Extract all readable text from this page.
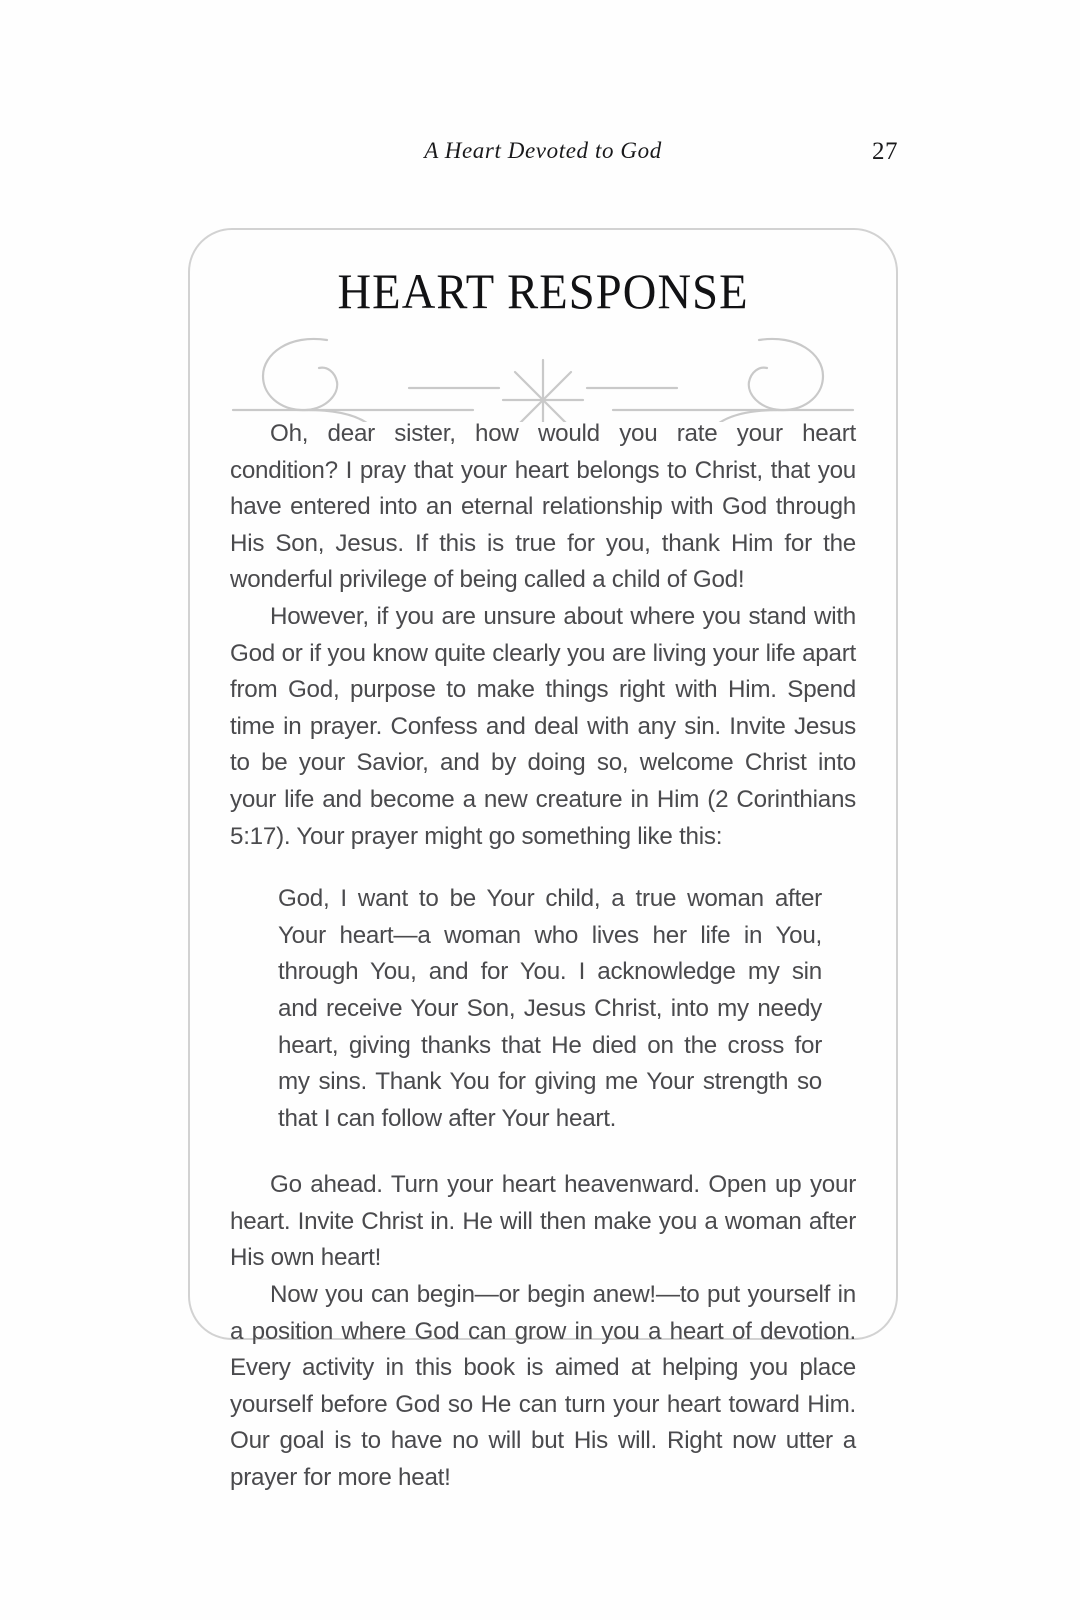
A Heart Devoted to God	27
HEART RESPONSE

Oh, dear sister, how would you rate your heart condition? I pray that your heart belongs to Christ, that you have entered into an eternal relationship with God through His Son, Jesus. If this is true for you, thank Him for the wonderful privilege of being called a child of God!

However, if you are unsure about where you stand with God or if you know quite clearly you are living your life apart from God, purpose to make things right with Him. Spend time in prayer. Confess and deal with any sin. Invite Jesus to be your Savior, and by doing so, welcome Christ into your life and become a new creature in Him (2 Corinthians 5:17). Your prayer might go something like this:

God, I want to be Your child, a true woman after Your heart—a woman who lives her life in You, through You, and for You. I acknowledge my sin and receive Your Son, Jesus Christ, into my needy heart, giving thanks that He died on the cross for my sins. Thank You for giving me Your strength so that I can follow after Your heart.

Go ahead. Turn your heart heavenward. Open up your heart. Invite Christ in. He will then make you a woman after His own heart!

Now you can begin—or begin anew!—to put yourself in a position where God can grow in you a heart of devotion. Every activity in this book is aimed at helping you place yourself before God so He can turn your heart toward Him. Our goal is to have no will but His will. Right now utter a prayer for more heat!
